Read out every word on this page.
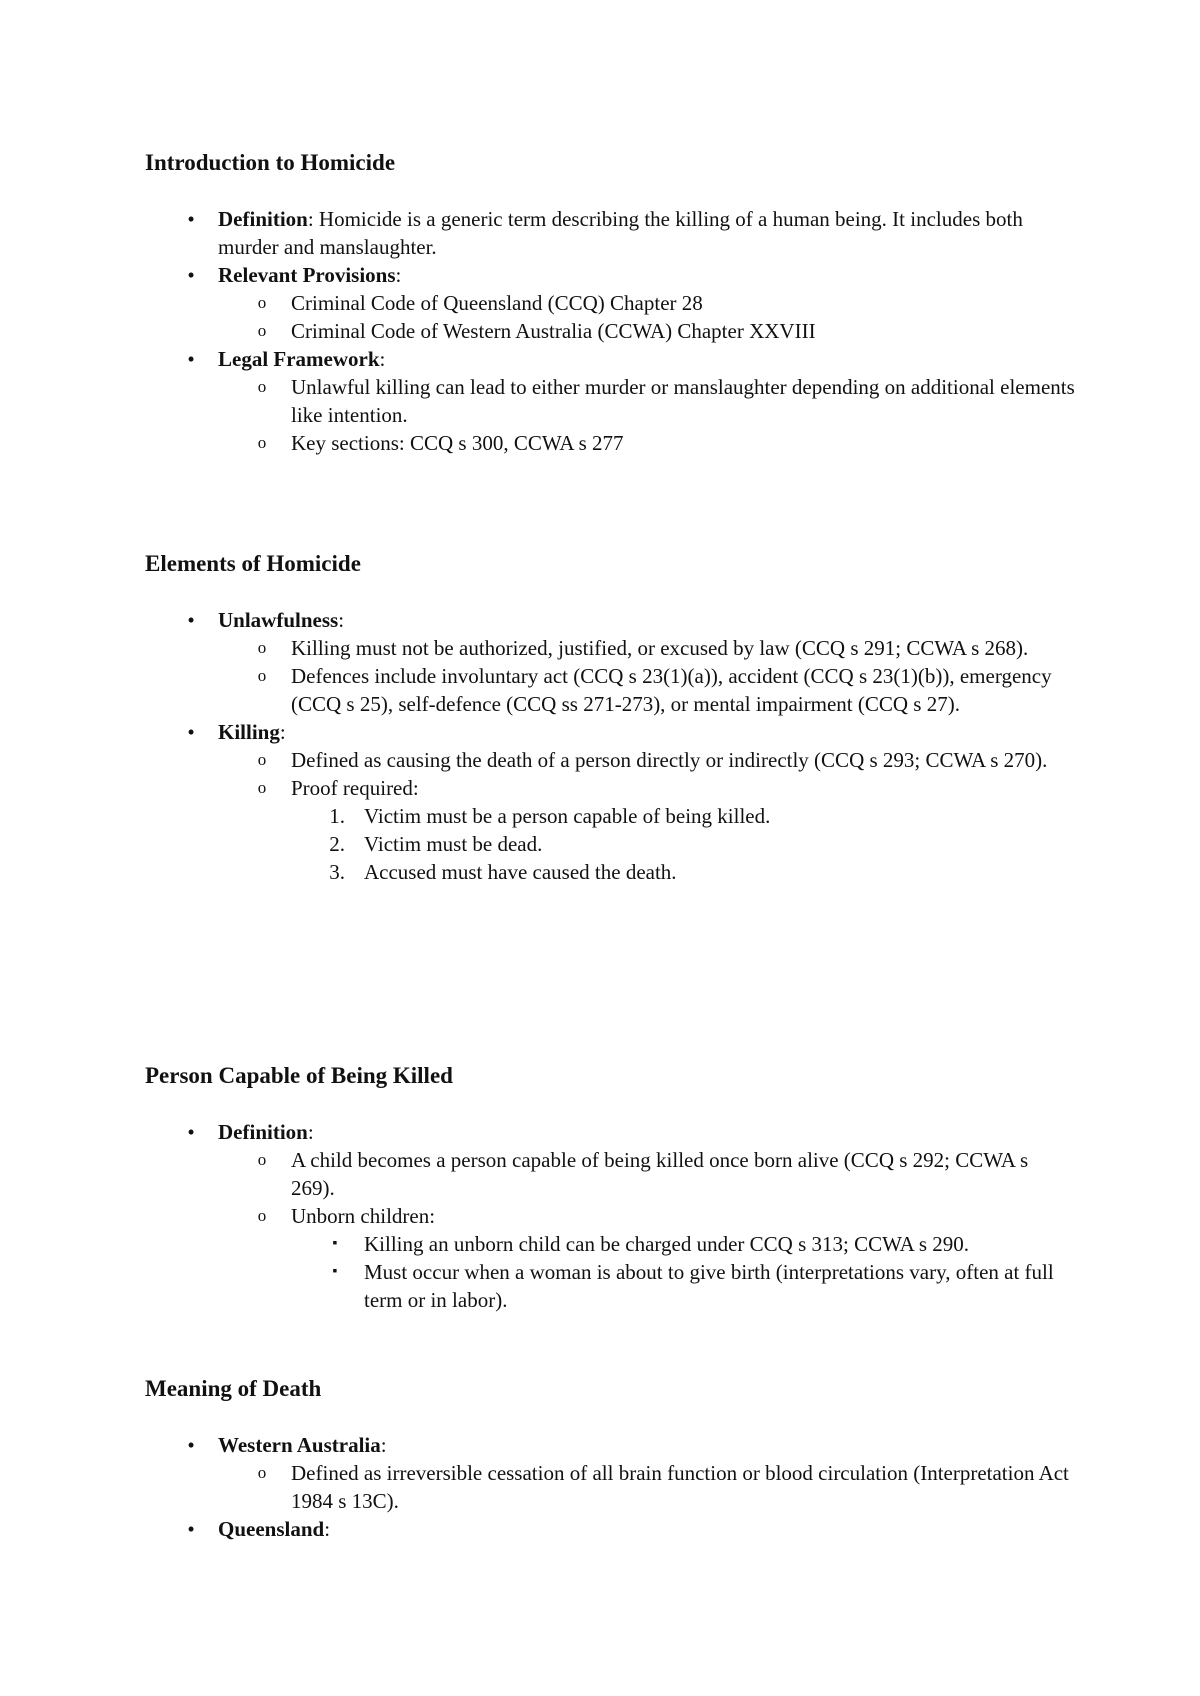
Introduction to Homicide
• Definition: Homicide is a generic term describing the killing of a human being. It includes both murder and manslaughter.
• Relevant Provisions:
o Criminal Code of Queensland (CCQ) Chapter 28
o Criminal Code of Western Australia (CCWA) Chapter XXVIII
• Legal Framework:
o Unlawful killing can lead to either murder or manslaughter depending on additional elements like intention.
o Key sections: CCQ s 300, CCWA s 277
Elements of Homicide
• Unlawfulness:
o Killing must not be authorized, justified, or excused by law (CCQ s 291; CCWA s 268).
o Defences include involuntary act (CCQ s 23(1)(a)), accident (CCQ s 23(1)(b)), emergency (CCQ s 25), self-defence (CCQ ss 271-273), or mental impairment (CCQ s 27).
• Killing:
o Defined as causing the death of a person directly or indirectly (CCQ s 293; CCWA s 270).
o Proof required:
1. Victim must be a person capable of being killed.
2. Victim must be dead.
3. Accused must have caused the death.
Person Capable of Being Killed
• Definition:
o A child becomes a person capable of being killed once born alive (CCQ s 292; CCWA s 269).
o Unborn children:
▪ Killing an unborn child can be charged under CCQ s 313; CCWA s 290.
▪ Must occur when a woman is about to give birth (interpretations vary, often at full term or in labor).
Meaning of Death
• Western Australia:
o Defined as irreversible cessation of all brain function or blood circulation (Interpretation Act 1984 s 13C).
• Queensland:
